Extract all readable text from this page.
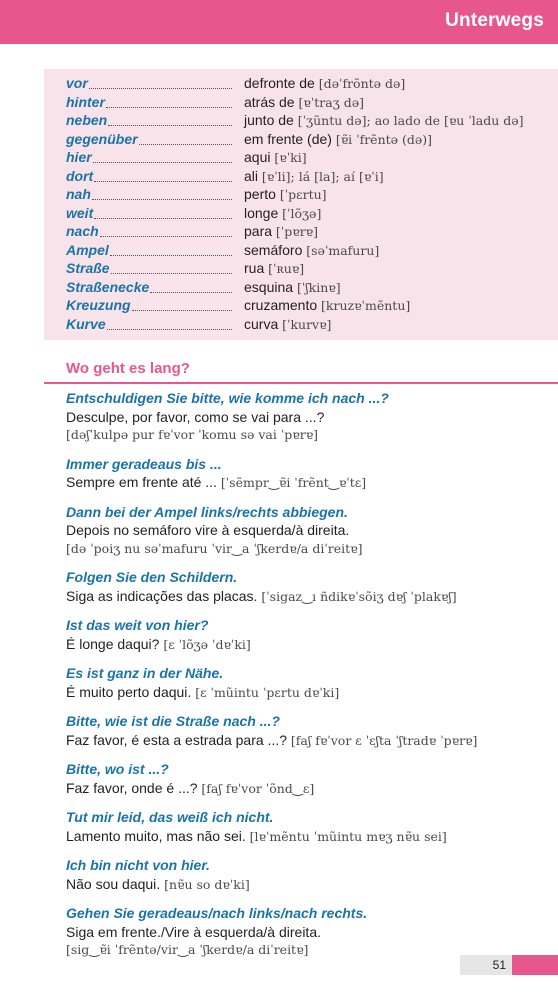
Unterwegs
vor	defronte de [dəˈfrõntə də]
hinter	atrás de [ɐˈtraʒ də]
neben	junto de [ˈʒũntu də]; ao lado de [ɐu ˈladu də]
gegenüber	em frente (de) [ɐ̃i ˈfrẽntə (də)]
hier	aqui [ɐˈki]
dort	ali [ɐˈli]; lá [la]; aí [ɐˈi]
nah	perto [ˈpɛrtu]
weit	longe [ˈlõʒə]
nach	para [ˈpɐrɐ]
Ampel	semáforo [səˈmafuru]
Straße	rua [ˈʀuɐ]
Straßenecke	esquina [ˈʃkinɐ]
Kreuzung	cruzamento [kruzɐˈmẽntu]
Kurve	curva [ˈkurvɐ]
Wo geht es lang?
Entschuldigen Sie bitte, wie komme ich nach ...?
Desculpe, por favor, como se vai para ...?
[dəʃˈkulpə pur fɐˈvor ˈkomu sə vai ˈpɐrɐ]
Immer geradeaus bis ...
Sempre em frente até ... [ˈsẽmpr‿ɐ̃i ˈfrẽnt‿ɐˈtɛ]
Dann bei der Ampel links/rechts abbiegen.
Depois no semáforo vire à esquerda/à direita.
[də ˈpoiʒ nu səˈmafuru ˈvir‿a ˈʃkerdɐ/a diˈreitɐ]
Folgen Sie den Schildern.
Siga as indicações das placas. [ˈsigaz‿ı ñdikɐˈsõiʒ dɐʃ ˈplakɐʃ]
Ist das weit von hier?
É longe daqui? [ɛ ˈlõʒə ˈdɐˈki]
Es ist ganz in der Nähe.
É muito perto daqui. [ɛ ˈmũintu ˈpɛrtu dɐˈki]
Bitte, wie ist die Straße nach ...?
Faz favor, é esta a estrada para ...? [faʃ fɐˈvor ɛ ˈɛʃta ˈʃtradɐ ˈpɐrɐ]
Bitte, wo ist ...?
Faz favor, onde é ...? [faʃ fɐˈvor ˈõnd‿ɛ]
Tut mir leid, das weiß ich nicht.
Lamento muito, mas não sei. [lɐˈmẽntu ˈmũintu mɐʒ nɐ̃u sei]
Ich bin nicht von hier.
Não sou daqui. [nɐ̃u so dɐˈki]
Gehen Sie geradeaus/nach links/nach rechts.
Siga em frente./Vire à esquerda/à direita.
[sig‿ɐ̃i ˈfrẽntə/vir‿a ˈʃkerdɐ/a diˈreitɐ]
51
